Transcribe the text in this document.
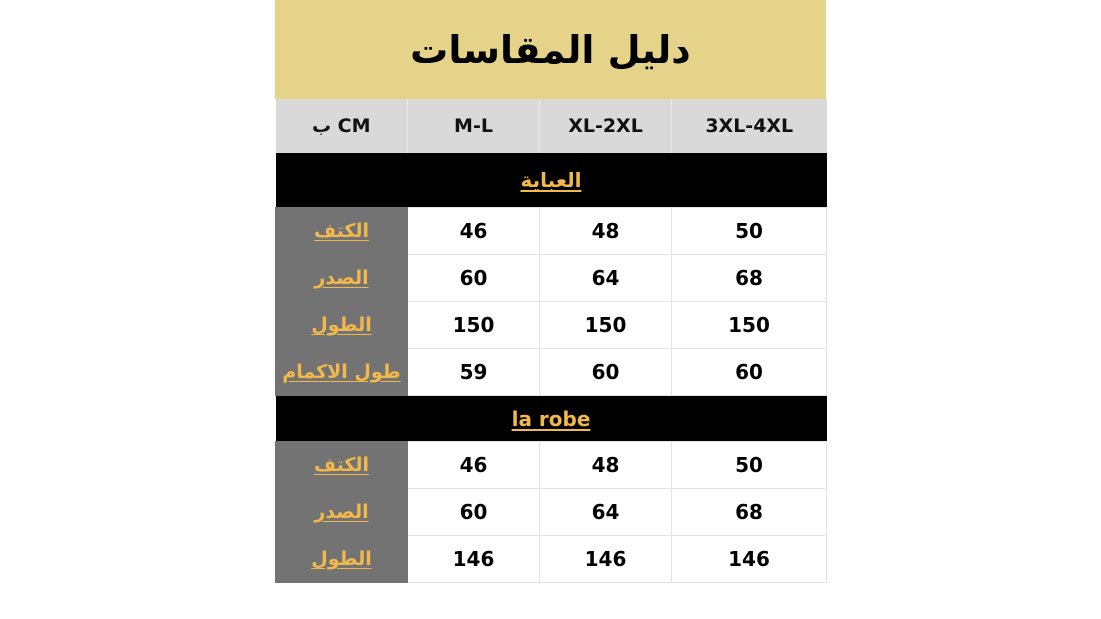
دليل المقاسات
ب CM	M-L	XL-2XL	3XL-4XL
العباية			
الكتف	46	48	50
الصدر	60	64	68
الطول	150	150	150
طول الاكمام	59	60	60
la robe			
الكتف	46	48	50
الصدر	60	64	68
الطول	146	146	146
